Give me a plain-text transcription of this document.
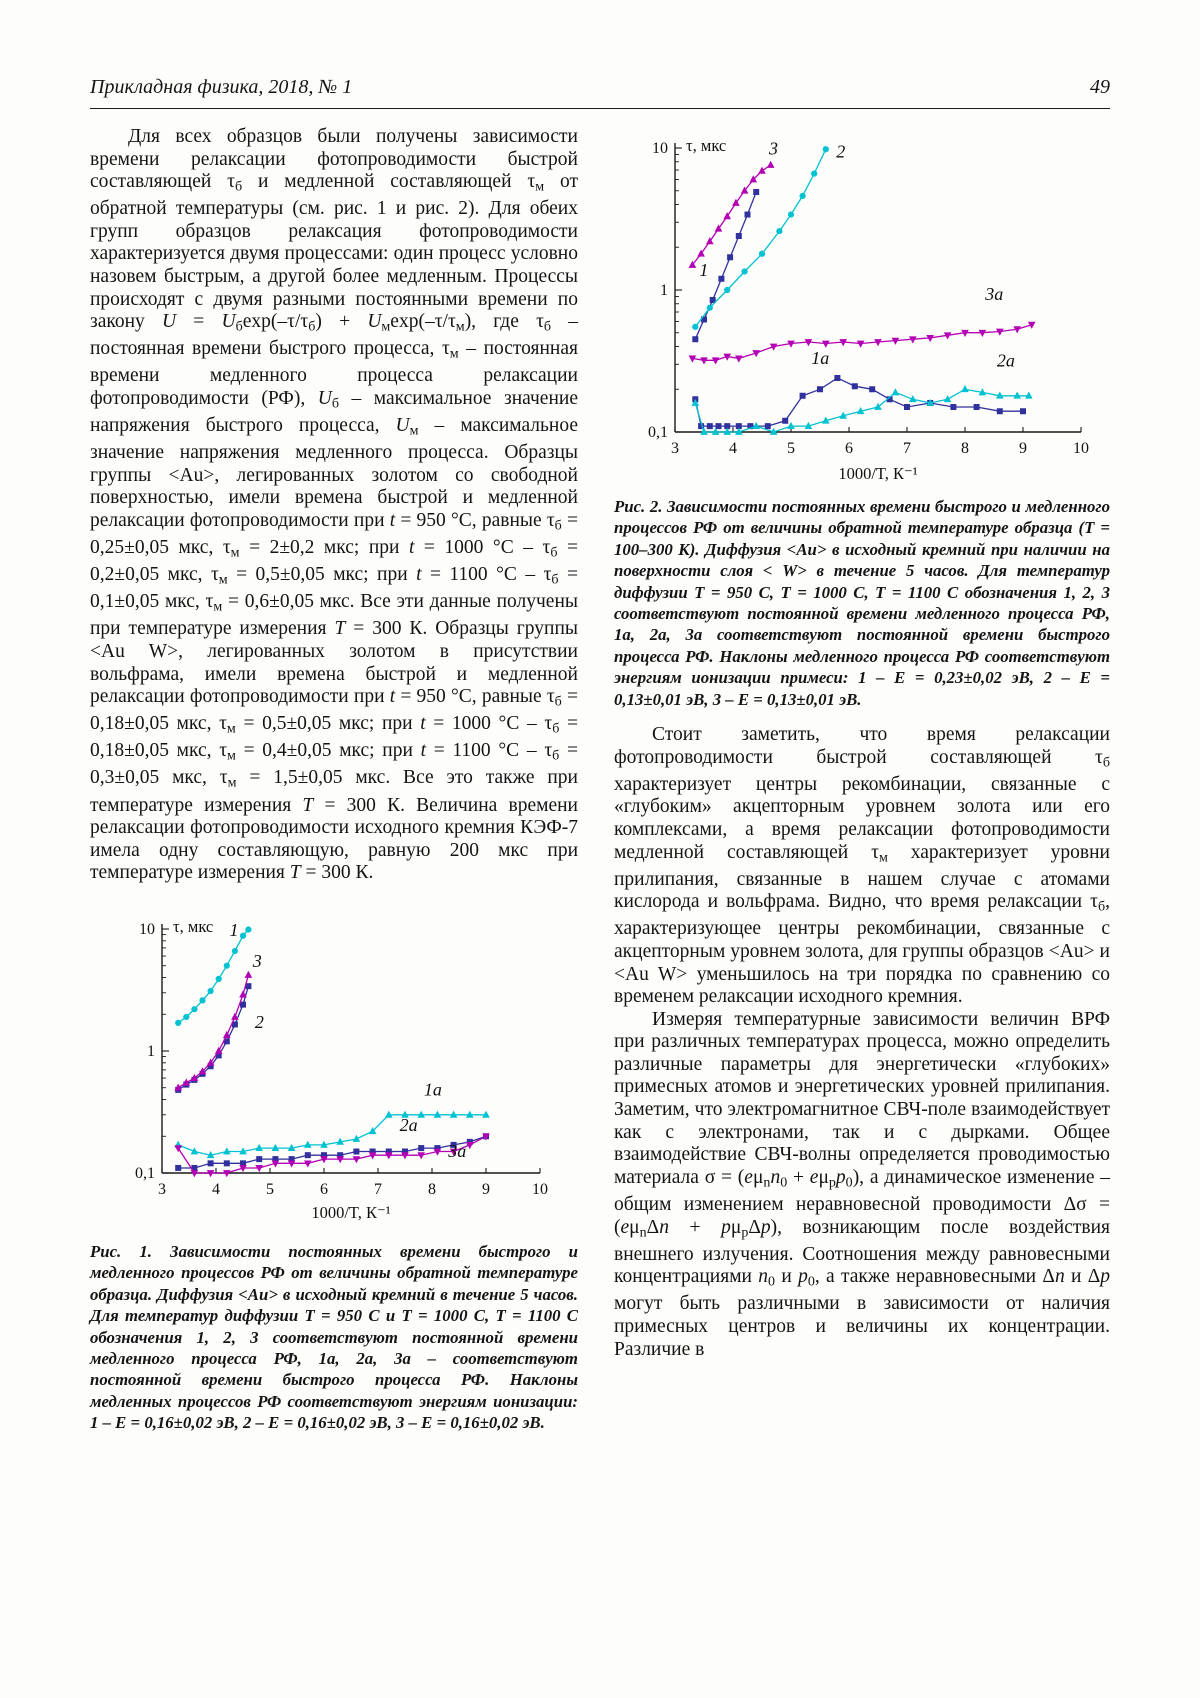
Прикладная физика, 2018, № 1	49

Для всех образцов были получены зависимости времени релаксации фотопроводимости быстрой составляющей $\tau_б$ и медленной составляющей $\tau_м$ от обратной температуры (см. рис. 1 и рис. 2). Для обеих групп образцов релаксация фотопроводимости характеризуется двумя процессами: один процесс условно назовем быстрым, а другой более медленным. Процессы происходят с двумя разными постоянными времени по закону $U = U_б\exp(-\tau/\tau_б) + U_м\exp(-\tau/\tau_м)$, где $\tau_б$ – постоянная времени быстрого процесса, $\tau_м$ – постоянная времени медленного процесса релаксации фотопроводимости (РФ), $U_б$ – максимальное значение напряжения быстрого процесса, $U_м$ – максимальное значение напряжения медленного процесса. Образцы группы <Au>, легированных золотом со свободной поверхностью, имели времена быстрой и медленной релаксации фотопроводимости при t = 950 °С, равные $\tau_б = 0,25\pm 0,05$ мкс, $\tau_м = 2\pm 0,2$ мкс; при t = 1000 $^\circ С - \tau_б = 0,2\pm 0,05$ мкс, $\tau_м = 0,5\pm 0,05$ мкс; при t = 1100 $^\circ С - \tau_б = 0,1\pm 0,05$ мкс, $\tau_м = 0,6\pm 0,05$ мкс. Все эти данные получены при температуре измерения T = 300 К. Образцы группы <Au W>, легированных золотом в присутствии вольфрама, имели времена быстрой и медленной релаксации фотопроводимости при t = 950 °С, равные $\tau_б = 0,18\pm 0,05$ мкс, $\tau_м = 0,5\pm 0,05$ мкс; при t = 1000 $^\circ С - \tau_б = 0,18\pm 0,05$ мкс, $\tau_м = 0,4\pm 0,05$ мкс; при t = 1100 $^\circ С - \tau_б = 0,3\pm 0,05$ мкс, $\tau_м = 1,5\pm 0,05$ мкс. Все это также при температуре измерения T = 300 К. Величина времени релаксации фотопроводимости исходного кремния КЭФ-7 имела одну составляющую, равную 200 мкс при температуре измерения T = 300 К.

3	4	5	6	7	8	9	10
0,1
1
10 τ, мкс
1000/T, К⁻¹
1
3
2
1а
2а
3а
Рис. 1. Зависимости постоянных времени быстрого и медленного процессов РФ от величины обратной температуре образца. Диффузия <Au> в исходный кремний в течение 5 часов. Для температур диффузии T = 950 С и T = 1000 С, T = 1100 С обозначения 1, 2, 3 соответствуют постоянной времени медленного процесса РФ, 1а, 2а, 3а – соответствуют постоянной времени быстрого процесса РФ. Наклоны медленных процессов РФ соответствуют энергиям ионизации: 1 – E = 0,16±0,02 эВ, 2 – E = 0,16±0,02 эВ, 3 – E = 0,16±0,02 эВ.
3	4	5	6	7	8	9	10
0,1
1
10 τ, мкс
1000/T, К⁻¹
1
2
3
1а	2а
3а
Рис. 2. Зависимости постоянных времени быстрого и медленного процессов РФ от величины обратной температуре образца (T = 100–300 К). Диффузия <Au> в исходный кремний при наличии на поверхности слоя < W> в течение 5 часов. Для температур диффузии T = 950 С, T = 1000 С, T = 1100 С обозначения 1, 2, 3 соответствуют постоянной времени медленного процесса РФ, 1а, 2а, 3а соответствуют постоянной времени быстрого процесса РФ. Наклоны медленного процесса РФ соответствуют энергиям ионизации примеси: 1 – E = 0,23±0,02 эВ, 2 – E = 0,13±0,01 эВ, 3 – E = 0,13±0,01 эВ.

Стоит заметить, что время релаксации фотопроводимости быстрой составляющей $\tau_б$ характеризует центры рекомбинации, связанные с «глубоким» акцепторным уровнем золота или его комплексами, а время релаксации фотопроводимости медленной составляющей $\tau_м$ характеризует уровни прилипания, связанные в нашем случае с атомами кислорода и вольфрама. Видно, что время релаксации $\tau_б$, характеризующее центры рекомбинации, связанные с акцепторным уровнем золота, для группы образцов <Au> и <Au W> уменьшилось на три порядка по сравнению со временем релаксации исходного кремния.

Измеряя температурные зависимости величин ВРФ при различных температурах процесса, можно определить различные параметры для энергетически «глубоких» примесных атомов и энергетических уровней прилипания. Заметим, что электромагнитное СВЧ-поле взаимодействует как с электронами, так и с дырками. Общее взаимодействие СВЧ-волны определяется проводимостью материала $\sigma = (e\mu_nn_0 + e\mu_pp_0)$, а динамическое изменение – общим изменением неравновесной проводимости $\Delta\sigma = (e\mu_n\Delta n + p\mu_p\Delta p)$, возникающим после воздействия внешнего излучения. Соотношения между равновесными концентрациями $n_0$ и $p_0$, а также неравновесными Δn и Δp могут быть различными в зависимости от наличия примесных центров и величины их концентрации. Различие в
